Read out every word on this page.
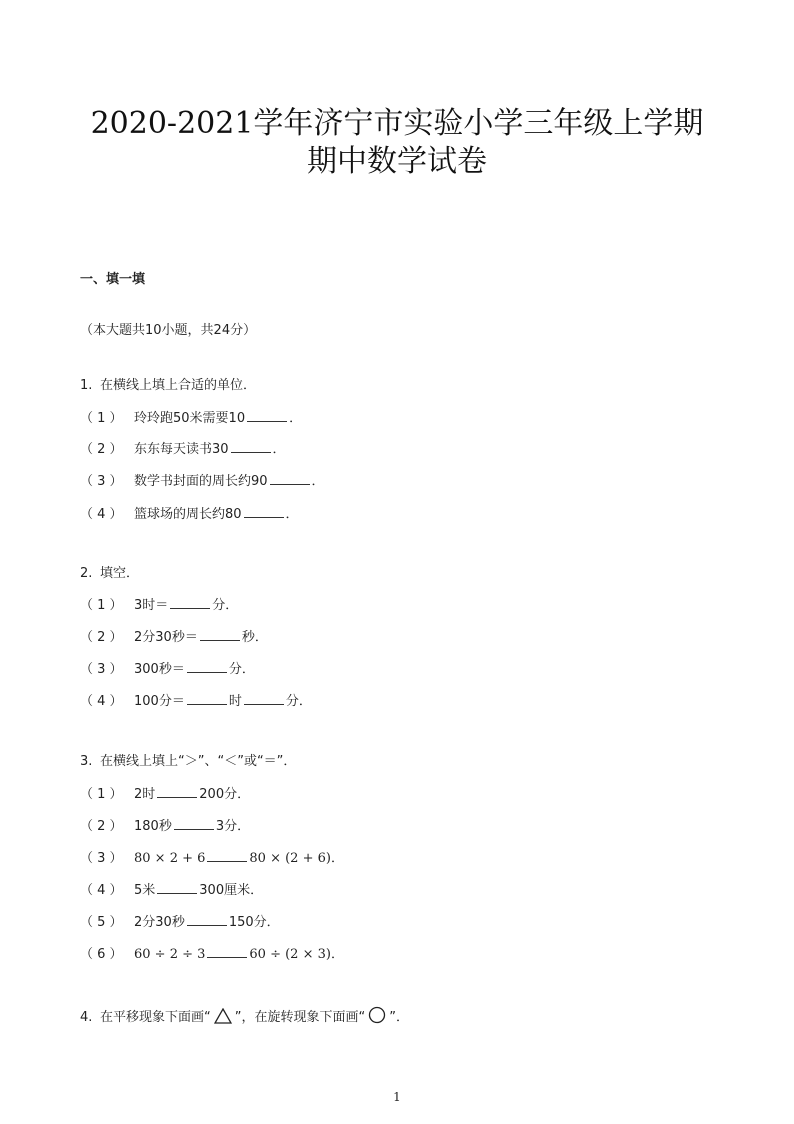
2020-2021学年济宁市实验小学三年级上学期
期中数学试卷
一、填一填
（本大题共10小题，共24分）
1. 在横线上填上合适的单位．
（ 1 ） 玲玲跑50米需要10	．
（ 2 ） 东东每天读书30	．
（ 3 ） 数学书封面的周长约90	．
（ 4 ） 篮球场的周长约80	．
2. 填空．
（ 1 ） 3时＝	分．
（ 2 ） 2分30秒＝	秒．
（ 3 ） 300秒＝	分．
（ 4 ） 100分＝	时	分．
3. 在横线上填上“＞”、“＜”或“＝”．
（ 1 ） 2时	200分．
（ 2 ） 180秒	3分．
（ 3 ） 80 × 2 + 6	80 × (2 + 6)．
（ 4 ） 5米	300厘米．
（ 5 ） 2分30秒	150分．
（ 6 ） 60 ÷ 2 ÷ 3	60 ÷ (2 × 3)．
4. 在平移现象下面画“ ”，在旋转现象下面画“ ”．
1
